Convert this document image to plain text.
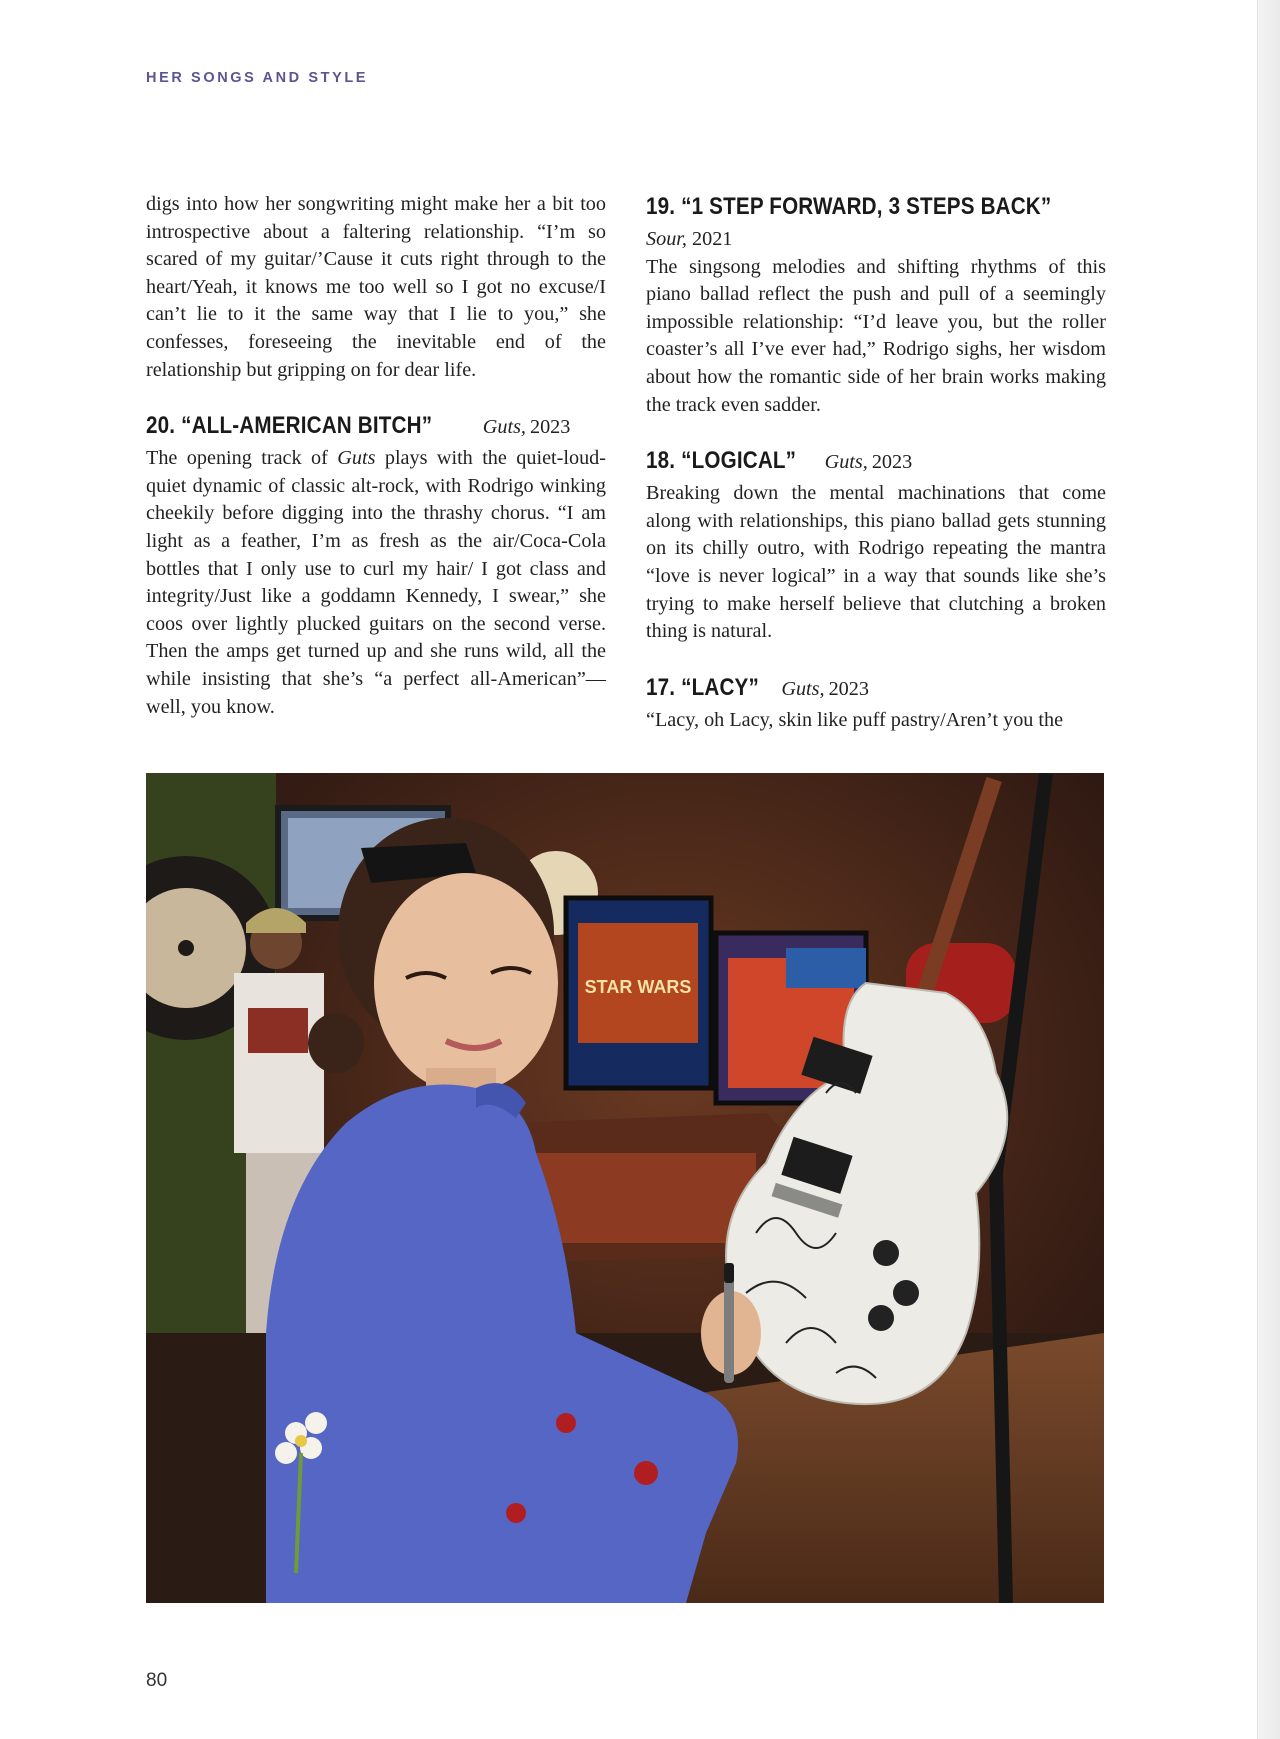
HER SONGS AND STYLE

digs into how her songwriting might make her a bit too introspective about a faltering relationship. “I’m so scared of my guitar/’Cause it cuts right through to the heart/Yeah, it knows me too well so I got no excuse/I can’t lie to it the same way that I lie to you,” she confesses, foreseeing the inevitable end of the relationship but gripping on for dear life.

20. “ALL-AMERICAN BITCH”	Guts, 2023

The opening track of Guts plays with the quiet-loud-quiet dynamic of classic alt-rock, with Rodrigo winking cheekily before digging into the thrashy chorus. “I am light as a feather, I’m as fresh as the air/Coca-Cola bottles that I only use to curl my hair/ I got class and integrity/Just like a goddamn Kennedy, I swear,” she coos over lightly plucked guitars on the second verse. Then the amps get turned up and she runs wild, all the while insisting that she’s “a perfect all-American”—well, you know.

19. “1 STEP FORWARD, 3 STEPS BACK”

Sour, 2021

The singsong melodies and shifting rhythms of this piano ballad reflect the push and pull of a seemingly impossible relationship: “I’d leave you, but the roller coaster’s all I’ve ever had,” Rodrigo sighs, her wisdom about how the romantic side of her brain works making the track even sadder.

18. “LOGICAL” Guts, 2023

Breaking down the mental machinations that come along with relationships, this piano ballad gets stunning on its chilly outro, with Rodrigo repeating the mantra “love is never logical” in a way that sounds like she’s trying to make herself believe that clutching a broken thing is natural.

17. “LACY” Guts, 2023

“Lacy, oh Lacy, skin like puff pastry/Aren’t you the

STAR WARS
80
